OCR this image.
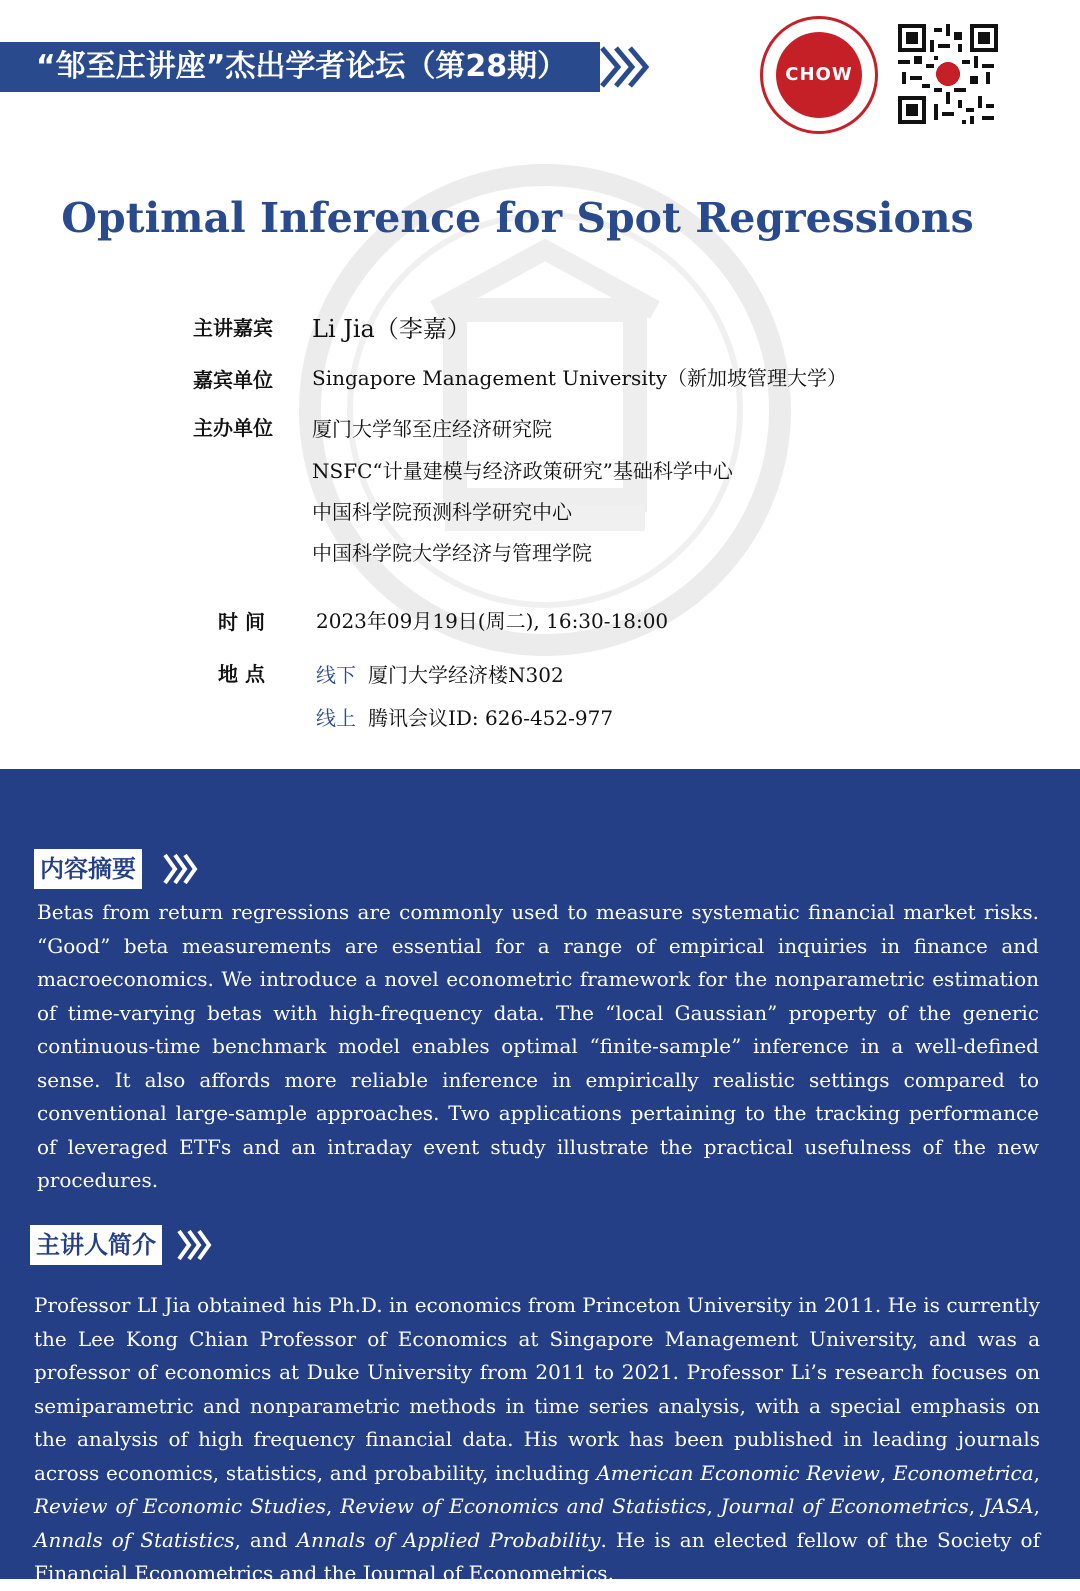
“邹至庄讲座”杰出学者论坛（第28期）	CHOW
Optimal Inference for Spot Regressions
主讲嘉宾	Li Jia（李嘉）
嘉宾单位	Singapore Management University（新加坡管理大学）
主办单位	厦门大学邹至庄经济研究院
NSFC“计量建模与经济政策研究”基础科学中心
中国科学院预测科学研究中心
中国科学院大学经济与管理学院
时 间	2023年09月19日(周二), 16:30-18:00
地 点	线下 厦门大学经济楼N302
线上 腾讯会议ID: 626-452-977
内容摘要
Betas from return regressions are commonly used to measure systematic financial market risks. “Good” beta measurements are essential for a range of empirical inquiries in finance and macroeconomics. We introduce a novel econometric framework for the nonparametric estimation of time-varying betas with high-frequency data. The “local Gaussian” property of the generic continuous-time benchmark model enables optimal “finite-sample” inference in a well-defined sense. It also affords more reliable inference in empirically realistic settings compared to conventional large-sample approaches. Two applications pertaining to the tracking performance of leveraged ETFs and an intraday event study illustrate the practical usefulness of the new procedures.
主讲人简介
Professor LI Jia obtained his Ph.D. in economics from Princeton University in 2011. He is currently the Lee Kong Chian Professor of Economics at Singapore Management University, and was a professor of economics at Duke University from 2011 to 2021. Professor Li’s research focuses on semiparametric and nonparametric methods in time series analysis, with a special emphasis on the analysis of high frequency financial data. His work has been published in leading journals across economics, statistics, and probability, including American Economic Review, Econometrica, Review of Economic Studies, Review of Economics and Statistics, Journal of Econometrics, JASA, Annals of Statistics, and Annals of Applied Probability. He is an elected fellow of the Society of Financial Econometrics and the Journal of Econometrics.
